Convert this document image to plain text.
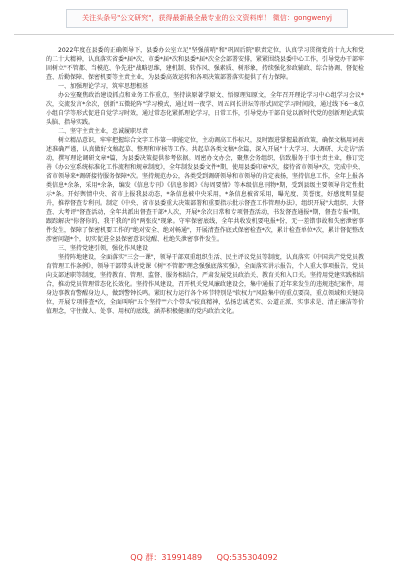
关注头条号"公文研究"，获得最新最全最专业的公文资料库！ 微信：gongwenyj

2022年度在县委的正确领导下，县委办公室立足"坚强前哨"和"巩固后院"职责定位，认真学习贯彻党的十九大和党的二十大精神，认真落实省委*届*次、市委*届*次和县委*届*次全会部署安排，紧紧围绕县委中心工作，引导党办干部牢固树立"不管都、当模范、争先进"战略思维，建机制、转作风、强素质、树形象，持续强化参政辅政、综合协调、督促检查、后勤保障、保密机要等主责主业，为县委高效运转和各项决策部署落实提供了有力保障。

一、加强理论学习，筑牢思想根基

办公室聚焦政治建设抓点和业务工作重点，坚持读原著学原文、悟原理知原文，全年召开理论学习中心组学习会议*次，交流发言*余次，创新"五微轮阵"学习模式，通过周一夜学、周五问长讲坛等形式固定学习时间段，通过线下6一8点小组自学等形式促进自觉学习时效，通过常态化紧抓理论学习，日常工作，引导党办干部自觉以新时代党的创新理论武装头脑、指导实践。

二、坚守主责主业，忠诚履职尽责

树立精品意识，牢牢把握综合文字工作第一职能定位，主动调高工作标尺，及时跟进掌握最新政策，确保文稿用词表述准确严谨，认真做好文稿起草、整理和审核等工作。共起草各类文稿*余篇，深入开展"十大学习、大调研、大走访"活动，撰写理论调研文章*篇，为县委决策提供参考依据。周密办文办会，聚焦会务组织，倍致服务于事主责主业，修订完善《办公室系统标准化工作流程和规章制度》，全年制发县委文件*期，使用县委印章*次，接待省市领导*次，完成中央、省市领导来*调研接待服务保障*次。坚持规范办公，各类受到调研领导和市领导的肯定表扬，坚持信息工作，全年上报各类信息*余条，采用*余条，编发《信息专刊》《信息参阅》《每周要情》等本级信息刊物*期，受到县级主要领导肯定性批示*条。开好舆情中央、省市上报我县动态，*条信息被中央采用，*条信息被省采用，曝光度、美誉度，好感度明显提升，推荐督查专利刊。制定《中央、省市县委重大决策部署和重要指示批示督查工作管理办法》，组织开展"大组织、大督查、大考评"督查活动，全年共派出督查干部*人次，开展*余次日常和专项督查活动，书发督查通报*期，督查专报*期，跟踪解决"你督你的、我干我的"的"两张皮"现象。守牢保密底线，全年共收发机要电报*份，无一差错事故和失密泄密事件发生，保障了保密机要工作的"绝对安全、绝对畅通"，开展清查作底式保密检查*次，累计检查单位*次，累计督促整改涉密问题*个，切实促进全县保密意识觉醒、杜绝失泄密事件发生。

三、坚持党建引领，强化作风建设

坚持阵地建设，全面落实"三会一课"，领导干部双重组织生活、民主评议党员等制度，认真落实《中国共产党党员教育管理工作条例》，领导干部带头讲党课《树"不管都"理念强强底落实强》，全面落实讲示报告，个人重大事项报告，党员向支部述职等制度，坚持教育、管理、监督、服务相结合，严肃发展党员政治关、教育关和入口关。坚持用党建实践相结合，推动党员管理常态化长效化。坚持作风建设，召开机关党风廉政建设会，集中通报了近年来发生的违规违纪案件，用身边事教育警醒身边人，做到警钟长鸣。紧盯权力运行各个环节特别是"软权力"风险集中的重点要岗，重点领域和关键岗位，开展专项排查*次，全面叫响"五个坚持""六个带头"较真精神，弘扬忠诚老实、公道正派、实事求是、清正廉洁等价值理念，守住做人、处事、用权的底线，涵养积极健康的党内政治文化。

QQ 群：31991489 QQ:535304092
